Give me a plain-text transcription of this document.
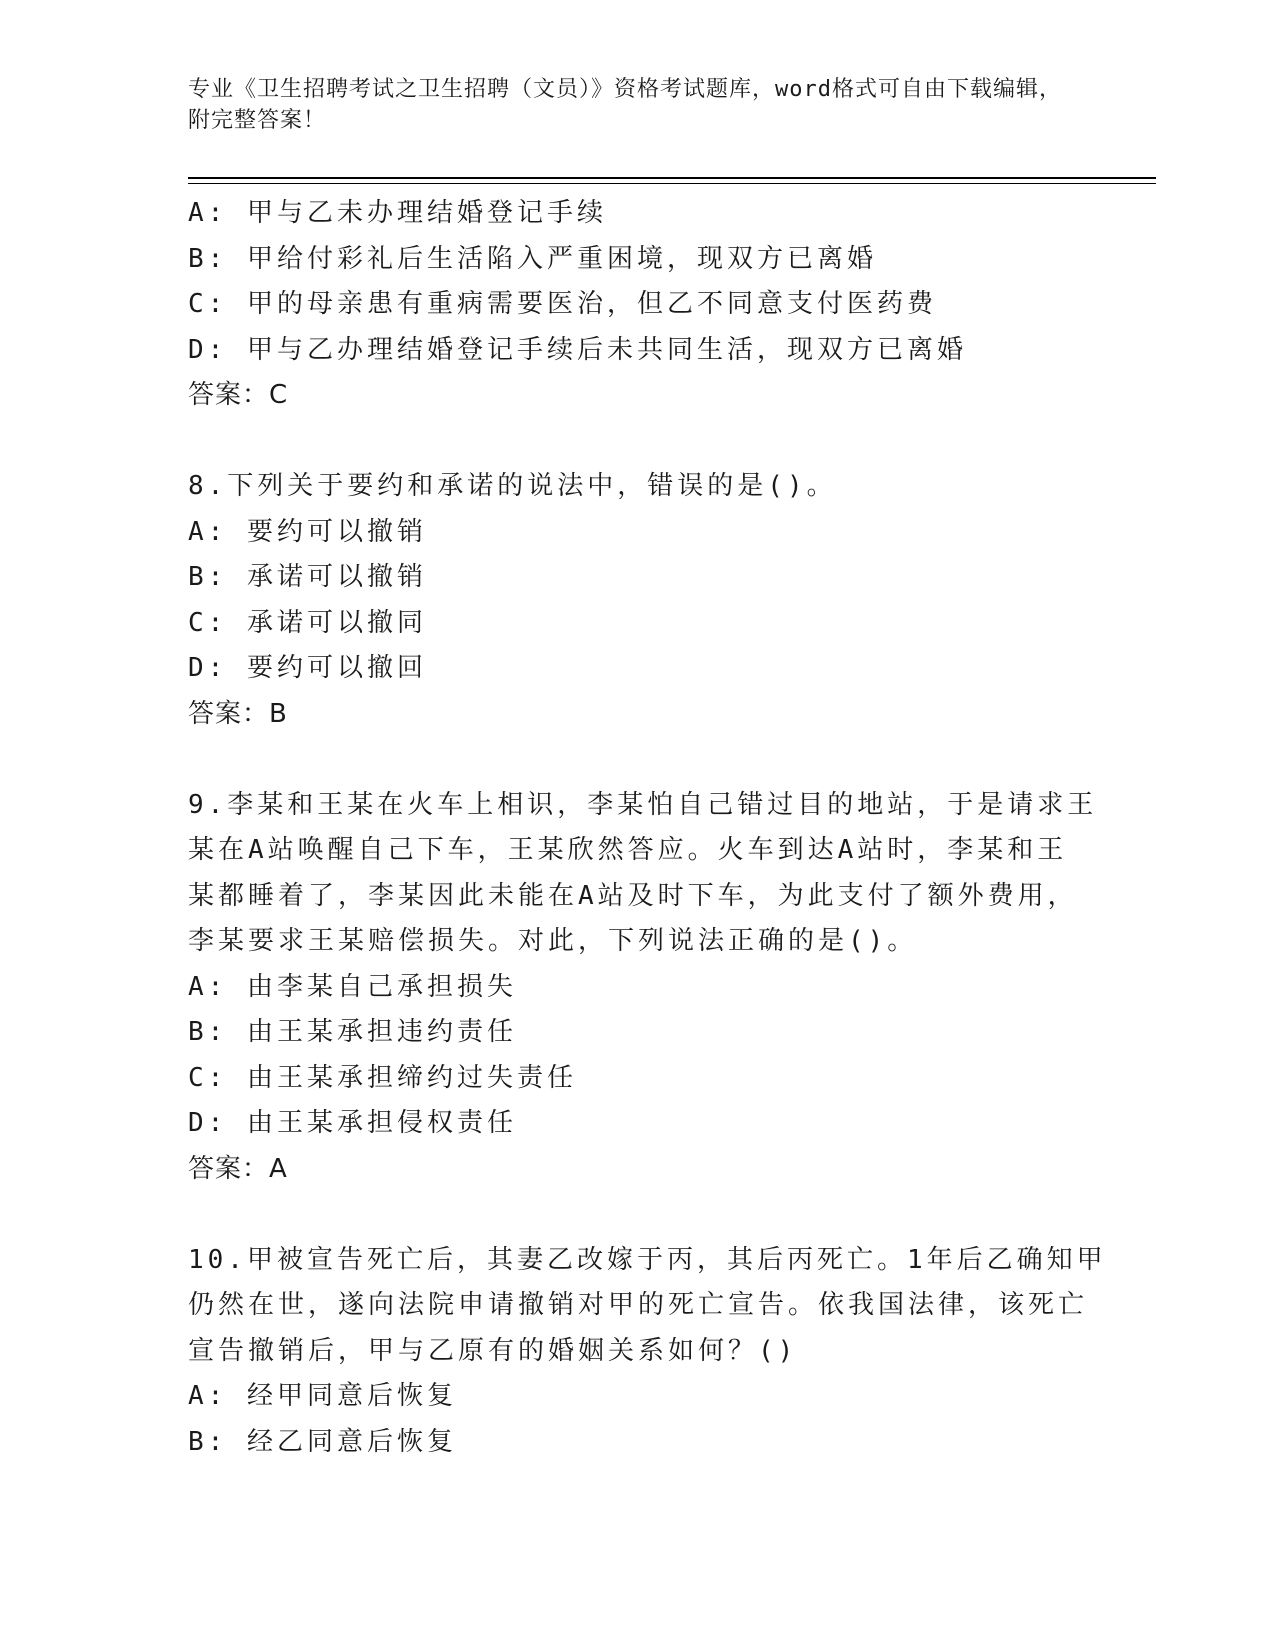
专业《卫生招聘考试之卫生招聘（文员）》资格考试题库，word格式可自由下载编辑，附完整答案！
A: 甲与乙未办理结婚登记手续
B: 甲给付彩礼后生活陷入严重困境，现双方已离婚
C: 甲的母亲患有重病需要医治，但乙不同意支付医药费
D: 甲与乙办理结婚登记手续后未共同生活，现双方已离婚
答案：C
8.下列关于要约和承诺的说法中，错误的是()。
A: 要约可以撤销
B: 承诺可以撤销
C: 承诺可以撤同
D: 要约可以撤回
答案：B
9.李某和王某在火车上相识，李某怕自己错过目的地站，于是请求王
某在A站唤醒自己下车，王某欣然答应。火车到达A站时，李某和王
某都睡着了，李某因此未能在A站及时下车，为此支付了额外费用，
李某要求王某赔偿损失。对此，下列说法正确的是()。
A: 由李某自己承担损失
B: 由王某承担违约责任
C: 由王某承担缔约过失责任
D: 由王某承担侵权责任
答案：A
10.甲被宣告死亡后，其妻乙改嫁于丙，其后丙死亡。1年后乙确知甲
仍然在世，遂向法院申请撤销对甲的死亡宣告。依我国法律，该死亡
宣告撤销后，甲与乙原有的婚姻关系如何？()
A: 经甲同意后恢复
B: 经乙同意后恢复
